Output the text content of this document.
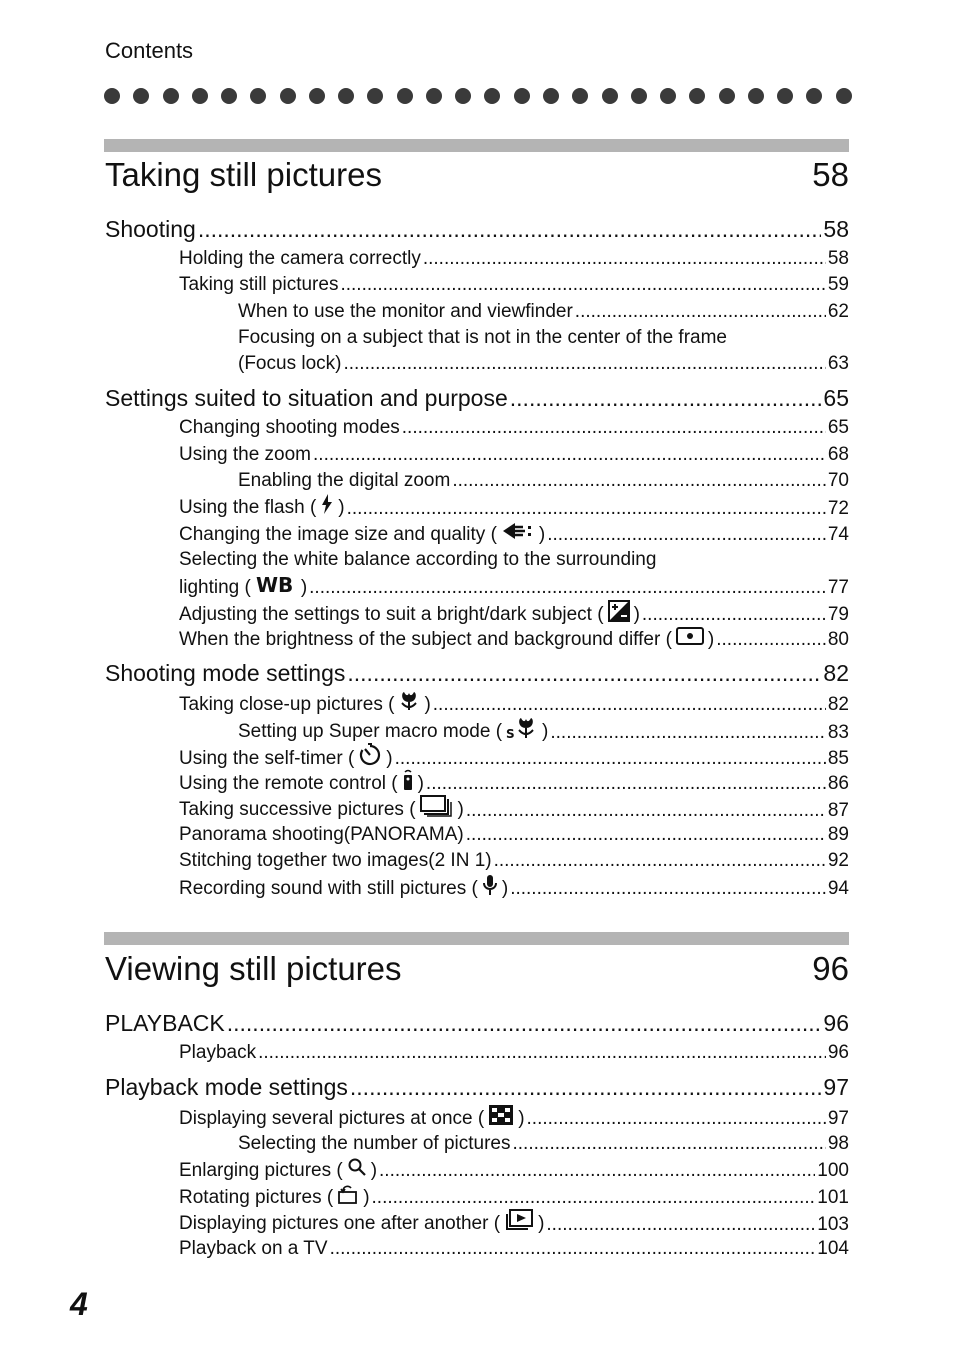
Contents
Taking still pictures	58
Shooting .....	58
Holding the camera correctly .....	58
Taking still pictures .....	59
When to use the monitor and viewfinder .....	62
Focusing on a subject that is not in the center of the frame
(Focus lock) .....	63
Settings suited to situation and purpose .....	65
Changing shooting modes .....	65
Using the zoom .....	68
Enabling the digital zoom .....	70
Using the flash ( ) .....	72
Changing the image size and quality ( ) .....	74
Selecting the white balance according to the surrounding
lighting ( WB ) .....	77
Adjusting the settings to suit a bright/dark subject ( ) .....	79
When the brightness of the subject and background differ ( ) .....	80
Shooting mode settings .....	82
Taking close-up pictures ( ) .....	82
Setting up Super macro mode ( S ) .....	83
Using the self-timer ( ) .....	85
Using the remote control ( ) .....	86
Taking successive pictures ( ) .....	87
Panorama shooting(PANORAMA) .....	89
Stitching together two images(2 IN 1) .....	92
Recording sound with still pictures ( ) .....	94
Viewing still pictures	96
PLAYBACK .....	96
Playback .....	96
Playback mode settings .....	97
Displaying several pictures at once ( ) .....	97
Selecting the number of pictures .....	98
Enlarging pictures ( ) .....	100
Rotating pictures ( ) .....	101
Displaying pictures one after another ( ) .....	103
Playback on a TV .....	104
4
